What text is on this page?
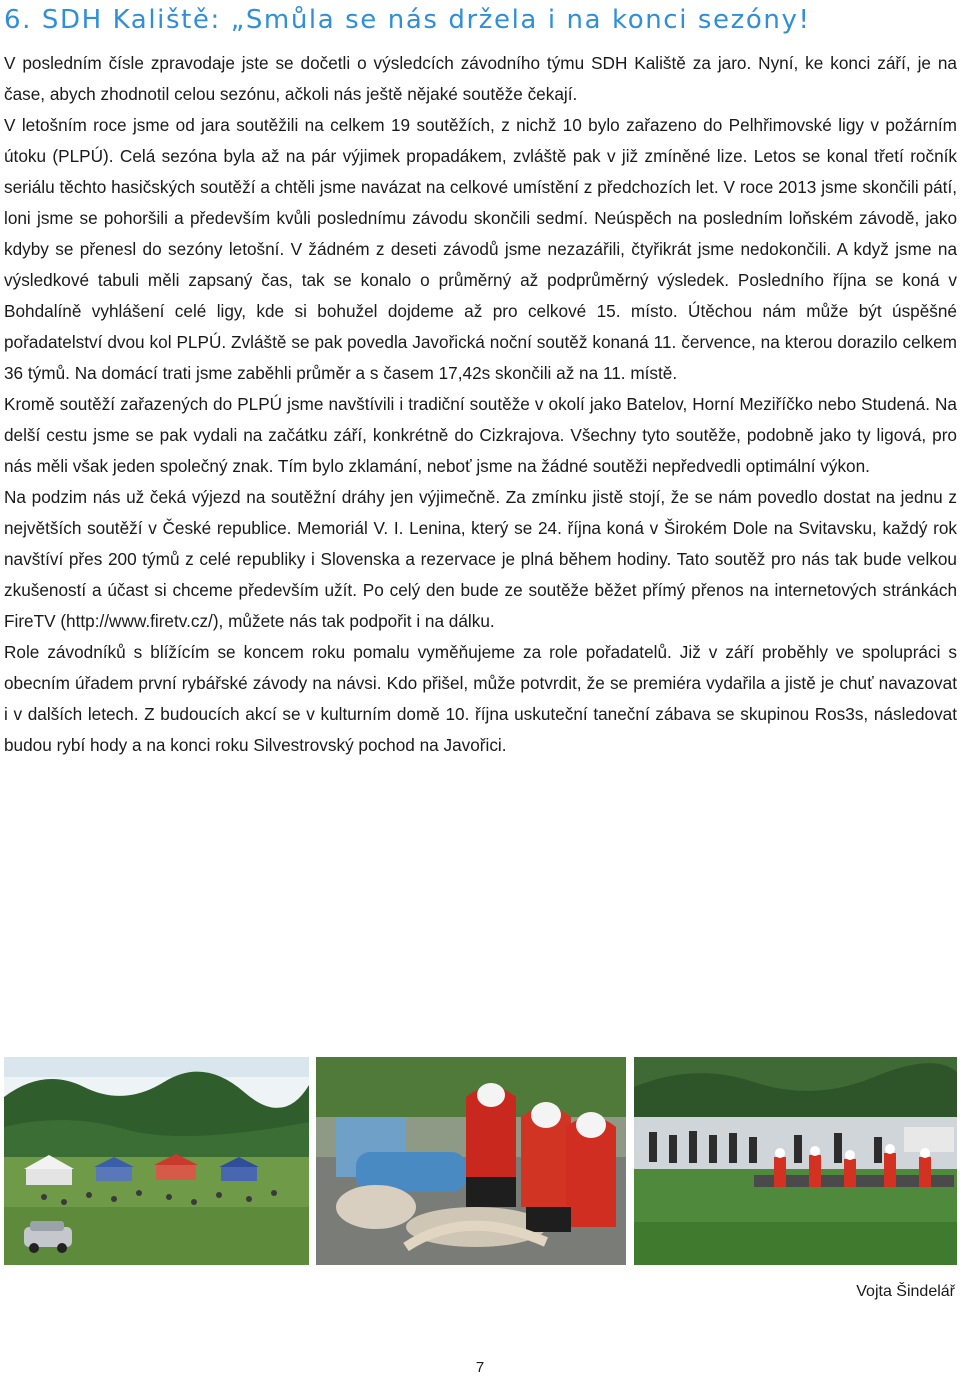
6. SDH Kaliště: „Smůla se nás držela i na konci sezóny!

V posledním čísle zpravodaje jste se dočetli o výsledcích závodního týmu SDH Kaliště za jaro. Nyní, ke konci září, je na čase, abych zhodnotil celou sezónu, ačkoli nás ještě nějaké soutěže čekají.

V letošním roce jsme od jara soutěžili na celkem 19 soutěžích, z nichž 10 bylo zařazeno do Pelhřimovské ligy v požárním útoku (PLPÚ). Celá sezóna byla až na pár výjimek propadákem, zvláště pak v již zmíněné lize. Letos se konal třetí ročník seriálu těchto hasičských soutěží a chtěli jsme navázat na celkové umístění z předchozích let. V roce 2013 jsme skončili pátí, loni jsme se pohoršili a především kvůli poslednímu závodu skončili sedmí. Neúspěch na posledním loňském závodě, jako kdyby se přenesl do sezóny letošní. V žádném z deseti závodů jsme nezazářili, čtyřikrát jsme nedokončili. A když jsme na výsledkové tabuli měli zapsaný čas, tak se konalo o průměrný až podprůměrný výsledek. Posledního října se koná v Bohdalíně vyhlášení celé ligy, kde si bohužel dojdeme až pro celkové 15. místo. Útěchou nám může být úspěšné pořadatelství dvou kol PLPÚ. Zvláště se pak povedla Javořická noční soutěž konaná 11. července, na kterou dorazilo celkem 36 týmů. Na domácí trati jsme zaběhli průměr a s časem 17,42s skončili až na 11. místě.

Kromě soutěží zařazených do PLPÚ jsme navštívili i tradiční soutěže v okolí jako Batelov, Horní Meziříčko nebo Studená. Na delší cestu jsme se pak vydali na začátku září, konkrétně do Cizkrajova. Všechny tyto soutěže, podobně jako ty ligová, pro nás měli však jeden společný znak. Tím bylo zklamání, neboť jsme na žádné soutěži nepředvedli optimální výkon.

Na podzim nás už čeká výjezd na soutěžní dráhy jen výjimečně. Za zmínku jistě stojí, že se nám povedlo dostat na jednu z největších soutěží v České republice. Memoriál V. I. Lenina, který se 24. října koná v Širokém Dole na Svitavsku, každý rok navštíví přes 200 týmů z celé republiky i Slovenska a rezervace je plná během hodiny. Tato soutěž pro nás tak bude velkou zkušeností a účast si chceme především užít. Po celý den bude ze soutěže běžet přímý přenos na internetových stránkách FireTV (http://www.firetv.cz/), můžete nás tak podpořit i na dálku.

Role závodníků s blížícím se koncem roku pomalu vyměňujeme za role pořadatelů. Již v září proběhly ve spolupráci s obecním úřadem první rybářské závody na návsi. Kdo přišel, může potvrdit, že se premiéra vydařila a jistě je chuť navazovat i v dalších letech. Z budoucích akcí se v kulturním domě 10. října uskuteční taneční zábava se skupinou Ros3s, následovat budou rybí hody a na konci roku Silvestrovský pochod na Javořici.

Vojta Šindelář
7
